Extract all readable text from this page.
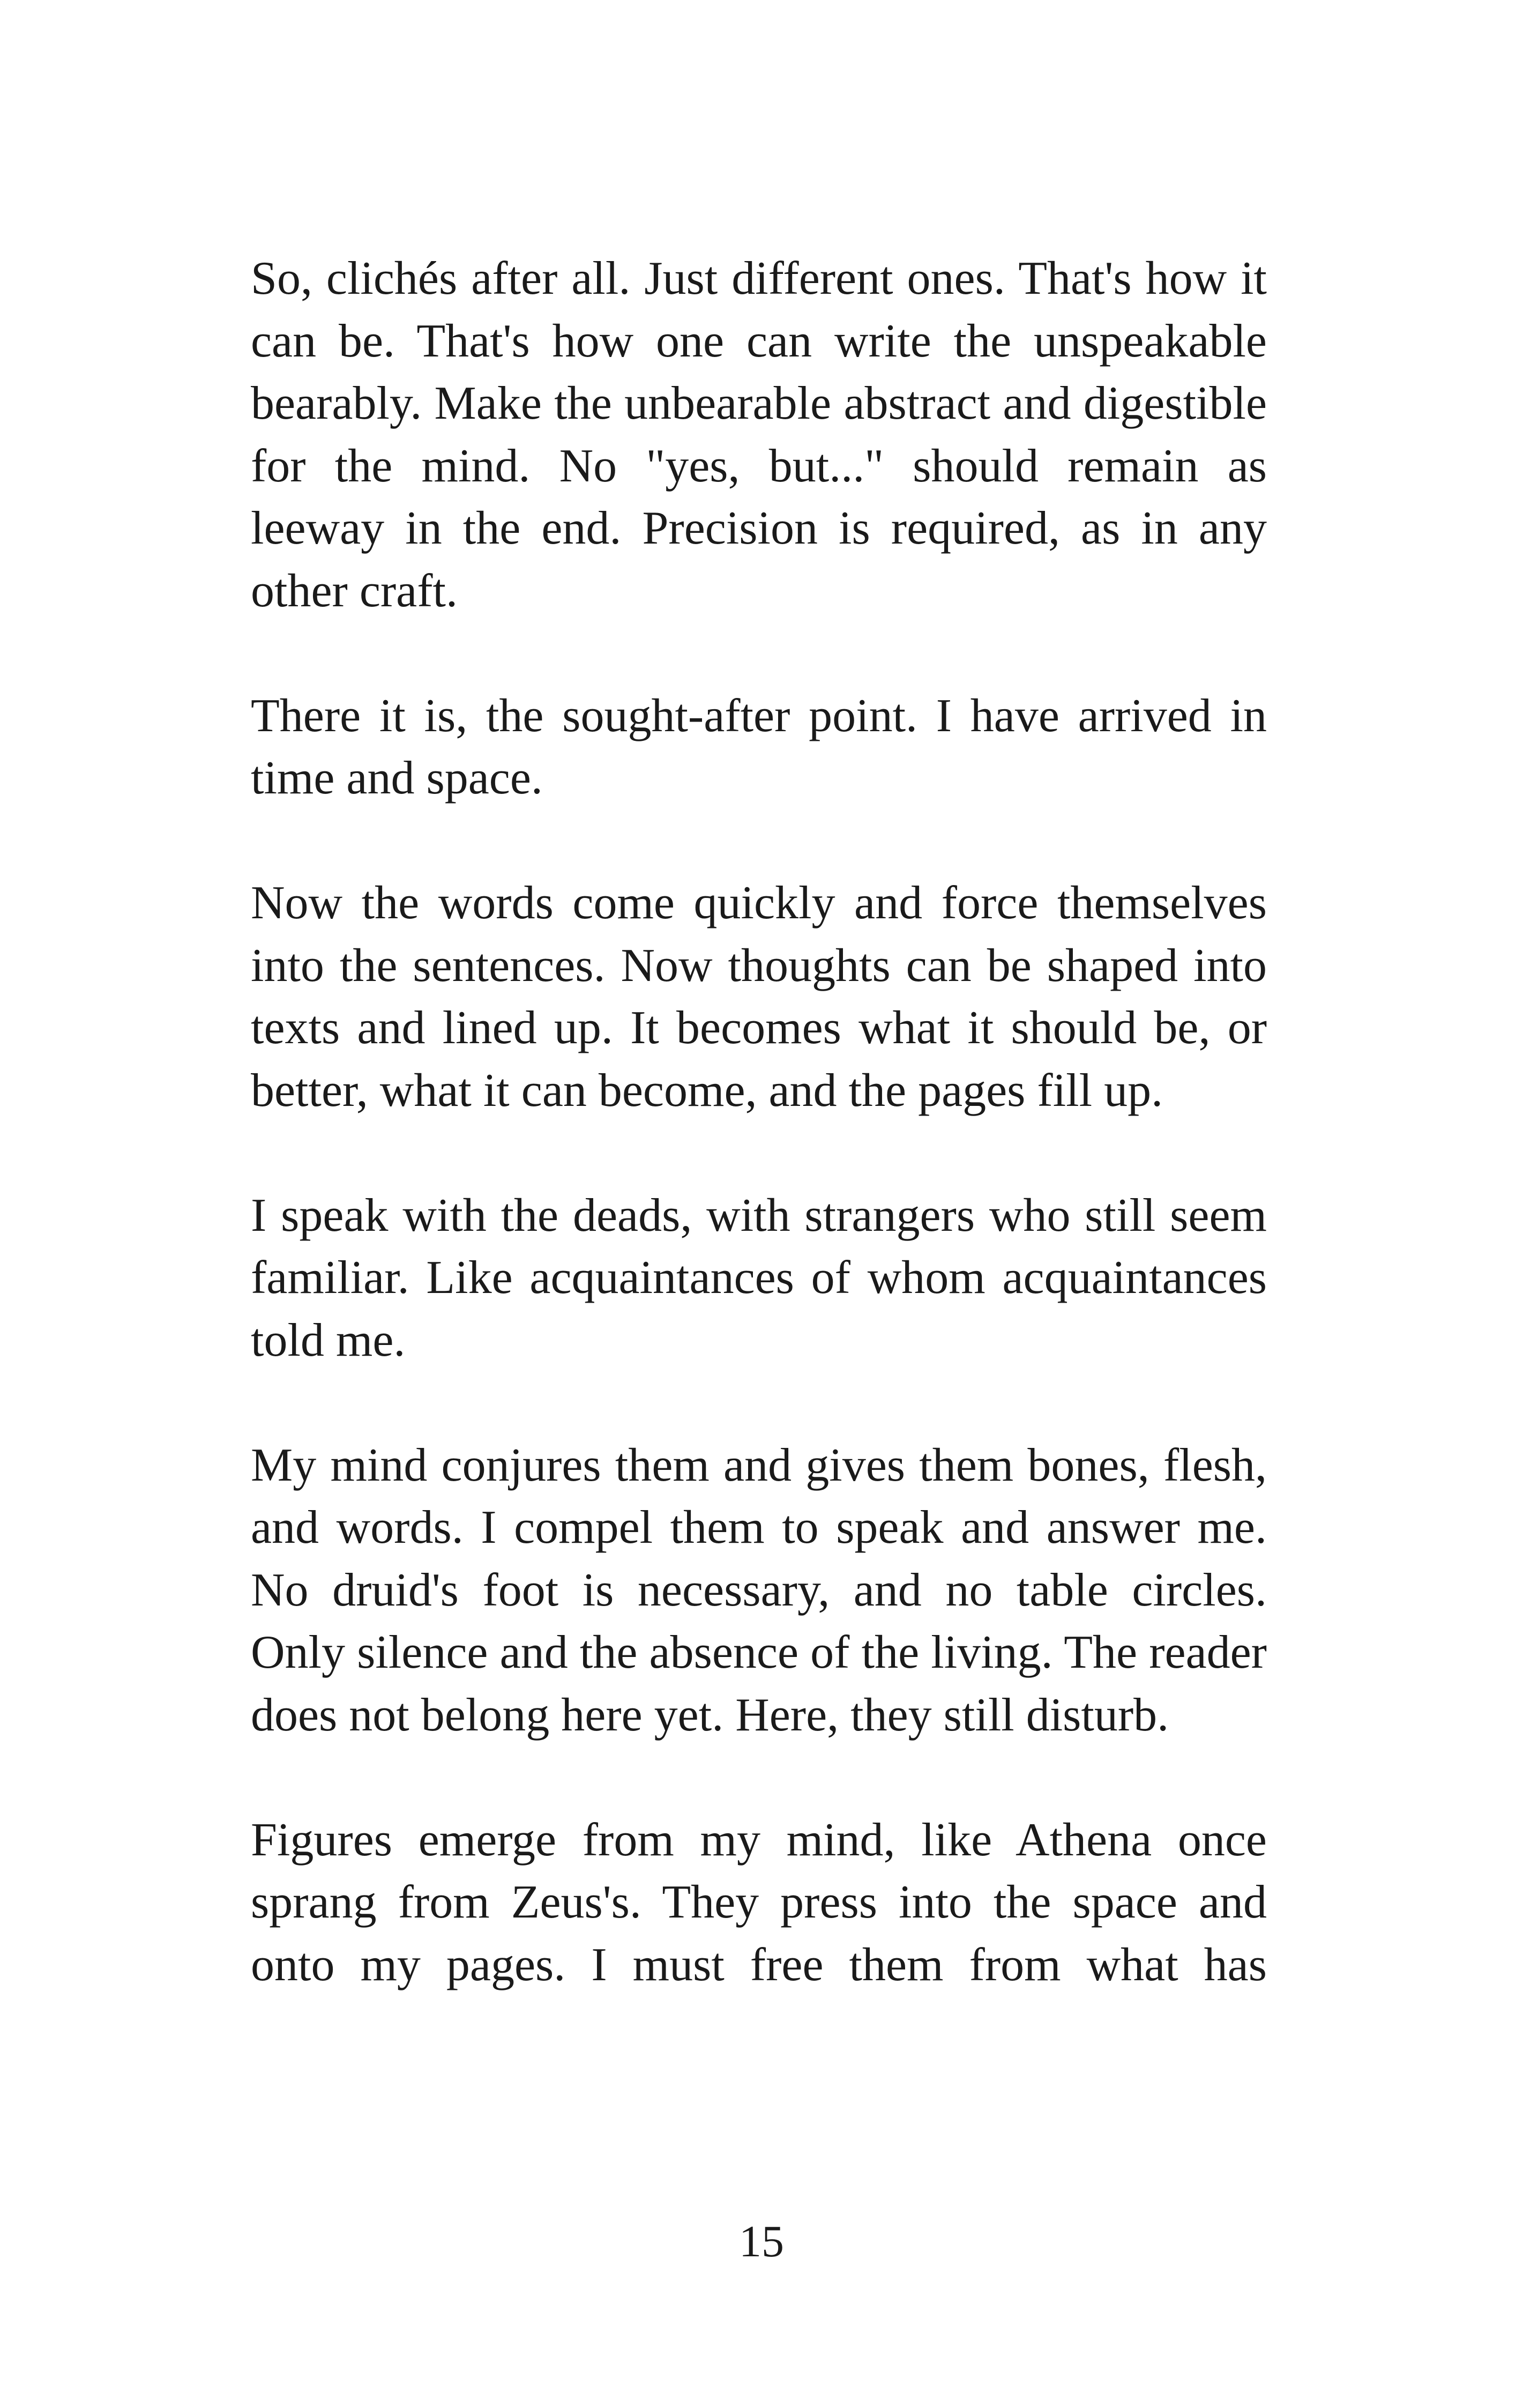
So, clichés after all. Just different ones. That's how it can be. That's how one can write the unspeakable bearably. Make the unbearable abstract and digestible for the mind. No "yes, but..." should remain as leeway in the end. Precision is required, as in any other craft.

There it is, the sought-after point. I have arrived in time and space.

Now the words come quickly and force themselves into the sentences. Now thoughts can be shaped into texts and lined up. It becomes what it should be, or better, what it can become, and the pages fill up.

I speak with the deads, with strangers who still seem familiar. Like acquaintances of whom acquaintances told me.

My mind conjures them and gives them bones, flesh, and words. I compel them to speak and answer me. No druid's foot is necessary, and no table circles. Only silence and the absence of the living. The reader does not belong here yet. Here, they still disturb.

Figures emerge from my mind, like Athena once sprang from Zeus's. They press into the space and onto my pages. I must free them from what has

15
